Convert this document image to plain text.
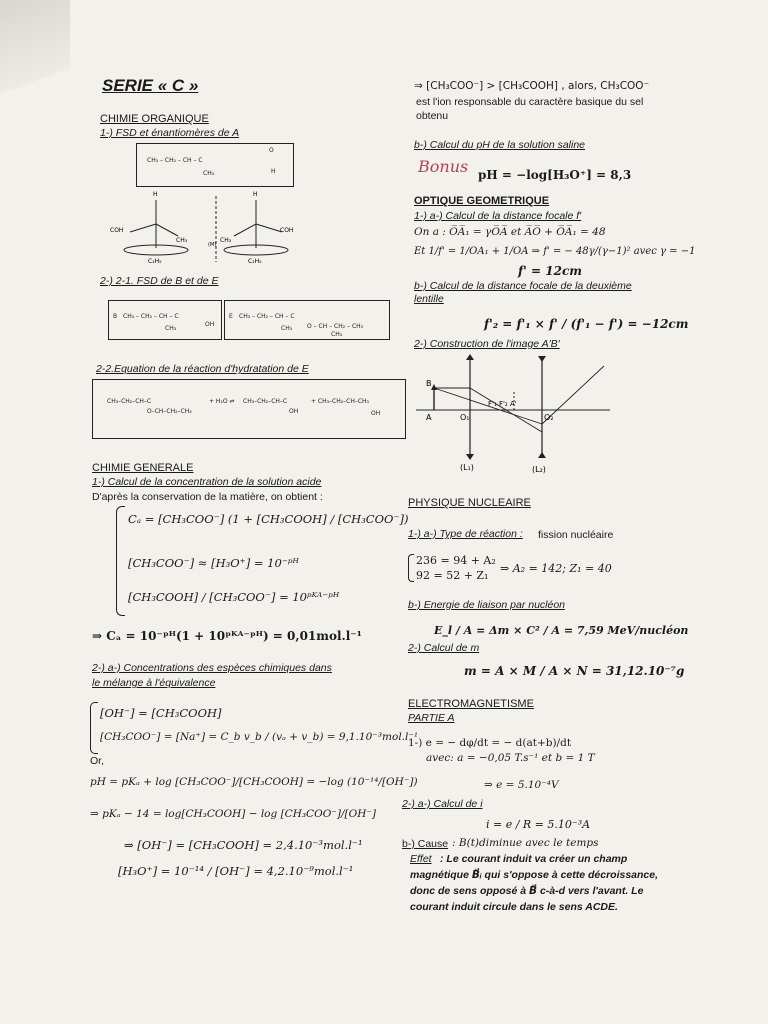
SERIE « C »
CHIMIE ORGANIQUE
1-) FSD et énantiomères de A
CH₃ – CH₂ – CH – C
CH₃
O
H
H
COH
CH₃
C₂H₅
(M)
H
CH₃
COH
C₂H₅
2-) 2-1. FSD de B et de E
B CH₃ – CH₂ – CH – C
CH₃
OH
E CH₃ – CH₂ – CH – C
CH₃ O – CH – CH₂ – CH₃
CH₃
2-2.Equation de la réaction d'hydratation de E
CH₃–CH₂–CH–C
O–CH–CH₂–CH₃
+ H₂O ⇌ CH₃–CH₂–CH–C
OH
+ CH₃–CH₂–CH–CH₃
OH
CHIMIE GENERALE
1-) Calcul de la concentration de la solution acide
D'après la conservation de la matière, on obtient :
Cₐ = [CH₃COO⁻] (1 + [CH₃COOH] / [CH₃COO⁻])
[CH₃COO⁻] ≈ [H₃O⁺] = 10⁻ᵖᴴ
[CH₃COOH] / [CH₃COO⁻] = 10ᵖᴷᴬ⁻ᵖᴴ
⇒ Cₐ = 10⁻ᵖᴴ(1 + 10ᵖᴷᴬ⁻ᵖᴴ) = 0,01mol.l⁻¹
2-) a-) Concentrations des espèces chimiques dans
le mélange à l'équivalence
[OH⁻] = [CH₃COOH]
[CH₃COO⁻] = [Na⁺] = C_b v_b / (vₐ + v_b) = 9,1.10⁻³mol.l⁻¹
Or,
pH = pKₐ + log [CH₃COO⁻]/[CH₃COOH] = −log (10⁻¹⁴/[OH⁻])
⇒ pKₐ − 14 = log[CH₃COOH] − log [CH₃COO⁻]/[OH⁻]
⇒ [OH⁻] = [CH₃COOH] = 2,4.10⁻³mol.l⁻¹
[H₃O⁺] = 10⁻¹⁴ / [OH⁻] = 4,2.10⁻⁹mol.l⁻¹
⇒ [CH₃COO⁻] > [CH₃COOH] , alors, CH₃COO⁻
est l'ion responsable du caractère basique du sel
obtenu
b-) Calcul du pH de la solution saline
Bonus pH = −log[H₃O⁺] = 8,3
OPTIQUE GEOMETRIQUE
1-) a-) Calcul de la distance focale f'
On a : O̅A̅₁ = γO̅A̅ et A̅O̅ + O̅A̅₁ = 48
Et 1/f' = 1/OA₁ + 1/OA ⇒ f' = − 48γ/(γ−1)² avec γ = −1
f' = 12cm
b-) Calcul de la distance focale de la deuxième
lentille
f'₂ = f'₁ × f' / (f'₁ − f') = −12cm
2-) Construction de l'image A'B'
B
A	O₁	O₂
F'₁ F'₂ A'
(L₁)	(L₂)
PHYSIQUE NUCLEAIRE
1-) a-) Type de réaction : fission nucléaire
236 = 94 + A₂
92 = 52 + Z₁
⇒ A₂ = 142; Z₁ = 40
b-) Energie de liaison par nucléon
E_l / A = Δm × C² / A = 7,59 MeV/nucléon
2-) Calcul de m
m = A × M / A × N = 31,12.10⁻⁷g
ELECTROMAGNETISME
PARTIE A
1-) e = − dφ/dt = − d(at+b)/dt
avec: a = −0,05 T.s⁻¹ et b = 1 T
⇒ e = 5.10⁻⁴V
2-) a-) Calcul de i
i = e / R = 5.10⁻³A
b-) Cause : B(t)diminue avec le temps
Effet : Le courant induit va créer un champ
magnétique B⃗ᵢ qui s'oppose à cette décroissance,
donc de sens opposé à B⃗ c-à-d vers l'avant. Le
courant induit circule dans le sens ACDE.
